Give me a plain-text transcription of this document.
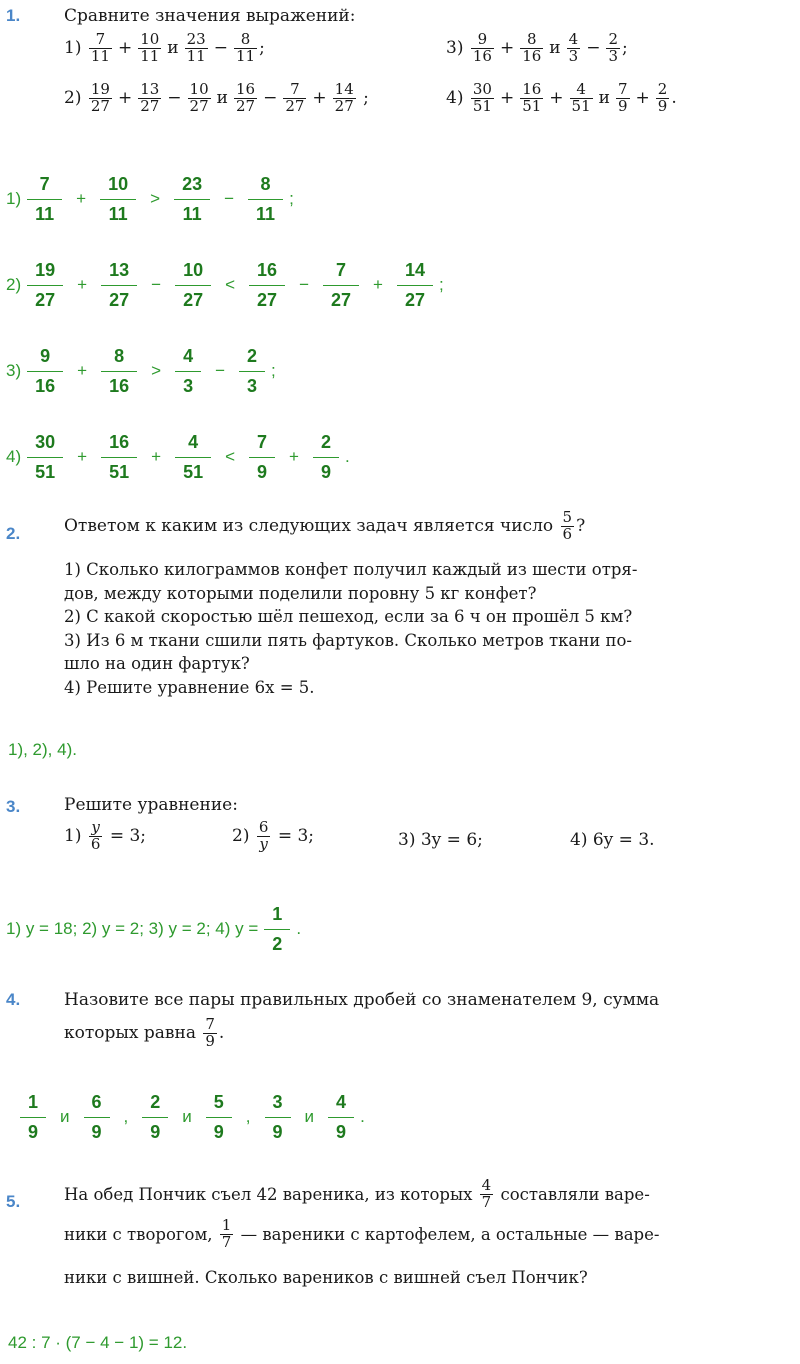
1.	Сравните значения выражений:
1)
7
11 + 10
11 и 23
11 − 8
11 ;
2)
19
27 + 13
27 − 10
27 и 16
27 − 7
27 + 14
27
;
3)
9
16 + 8
16 и 4
3 − 2
3 ;
4)
30
51 + 16
51 + 4
51 и 7
9 + 2
9 .
1)
7
11
+
10
11
>
23
11
−
8
11
;
2)
19
27
+
13
27
−
10
27
<
16
27
−
7
27
+
14
27
;
3)
9
16
+
8
16
>
4
3
−
2
3
;
4)
30
51
+
16
51
+
4
51
<
7
9
+
2
9
.
2.	Ответом к каким из следующих задач является число
5
6 ?
1) Сколько килограммов конфет получил каждый из шести отря-
дов, между которыми поделили поровну 5 кг конфет?
2) С какой скоростью шёл пешеход, если за 6 ч он прошёл 5 км?
3) Из 6 м ткани сшили пять фартуков. Сколько метров ткани по-
шло на один фартук?
4) Решите уравнение 6x = 5.
1), 2), 4).
3.	Решите уравнение:
1)
y
6
= 3;	2)
6
y
= 3;	3) 3y = 6;	4) 6y = 3.
1) y = 18; 2) y = 2; 3) y = 2; 4) y =
1
2
.
4.	Назовите все пары правильных дробей со знаменателем 9, сумма
которых равна
7
9 .
1
9
и
6
9
,
2
9
и
5
9
,
3
9
и
4
9
.
5.	На обед Пончик съел 42 вареника, из которых
4
7
составляли варе-
ники с творогом,
1
7
— вареники с картофелем, а остальные — варе-
ники с вишней. Сколько вареников с вишней съел Пончик?
42 : 7 · (7 − 4 − 1) = 12.
